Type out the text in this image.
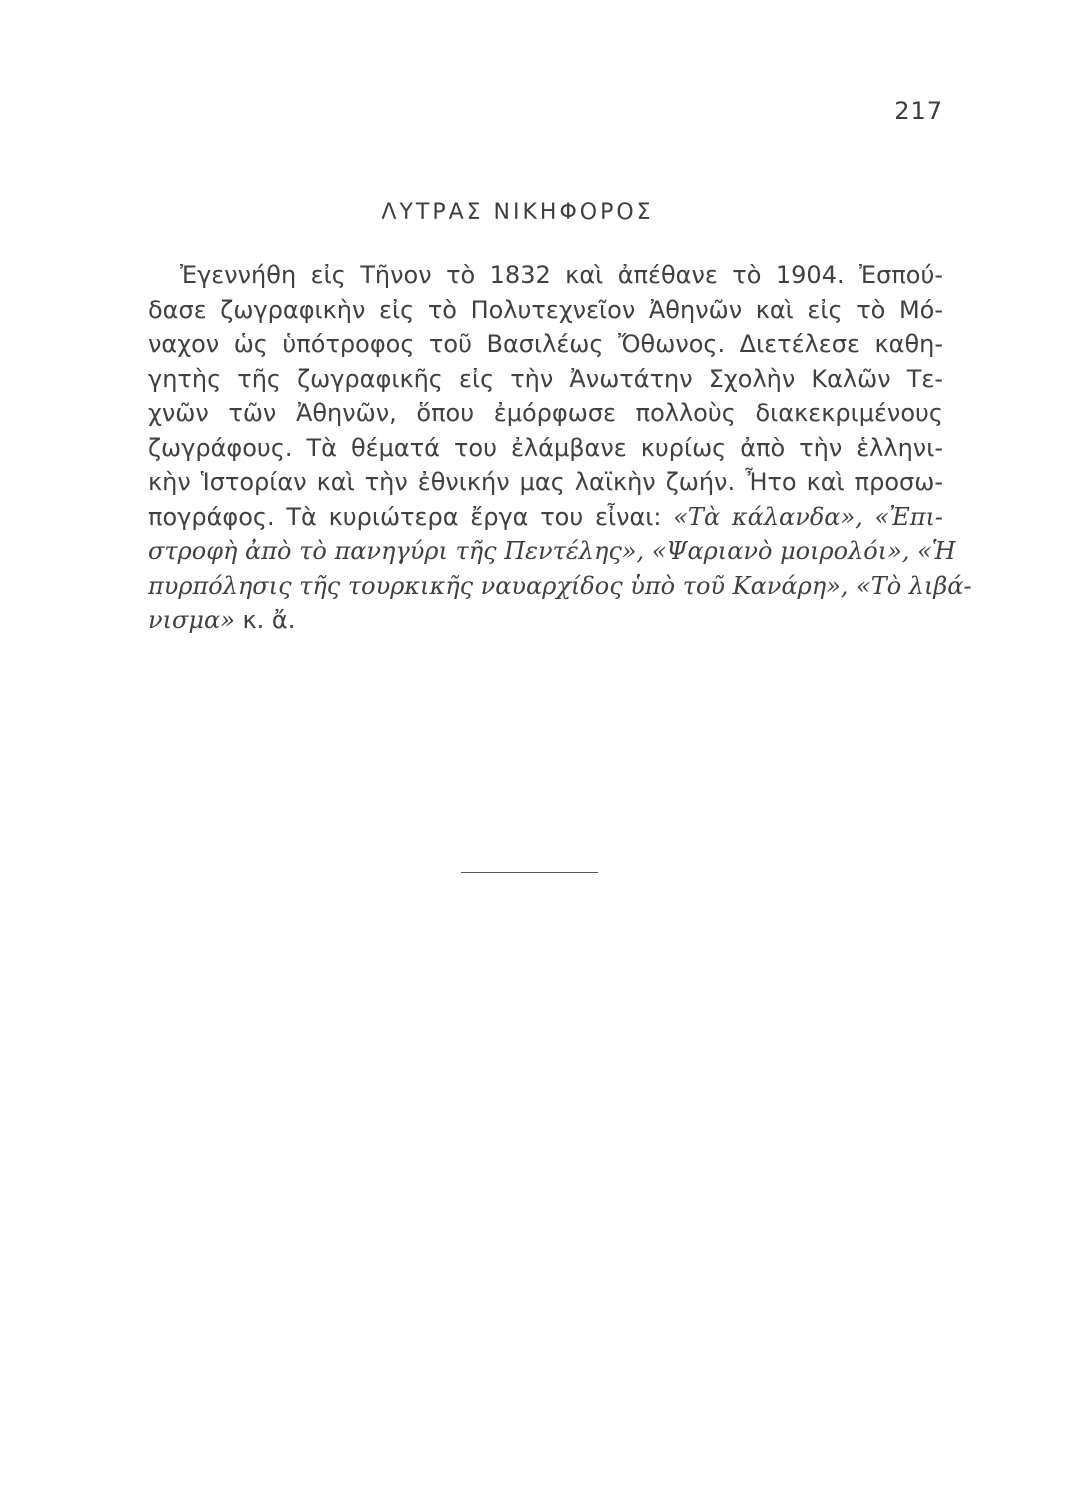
217
ΛΥΤΡΑΣ ΝΙΚΗΦΟΡΟΣ
Ἐγεννήθη εἰς Τῆνον τὸ 1832 καὶ ἀπέθανε τὸ 1904. Ἐσπού-
δασε ζωγραφικὴν εἰς τὸ Πολυτεχνεῖον Ἀθηνῶν καὶ εἰς τὸ Μό-
ναχον ὡς ὑπότροφος τοῦ Βασιλέως Ὄθωνος. Διετέλεσε καθη-
γητὴς τῆς ζωγραφικῆς εἰς τὴν Ἀνωτάτην Σχολὴν Καλῶν Τε-
χνῶν τῶν Ἀθηνῶν, ὅπου ἐμόρφωσε πολλοὺς διακεκριμένους
ζωγράφους. Τὰ θέματά του ἐλάμβανε κυρίως ἀπὸ τὴν ἑλληνι-
κὴν Ἱστορίαν καὶ τὴν ἐθνικήν μας λαϊκὴν ζωήν. Ἦτο καὶ προσω-
πογράφος. Τὰ κυριώτερα ἔργα του εἶναι: «Τὰ κάλανδα», «Ἐπι-
στροφὴ ἀπὸ τὸ πανηγύρι τῆς Πεντέλης», «Ψαριανὸ μοιρολόι», «Ἡ
πυρπόλησις τῆς τουρκικῆς ναυαρχίδος ὑπὸ τοῦ Κανάρη», «Τὸ λιβά-
νισμα» κ. ἄ.
